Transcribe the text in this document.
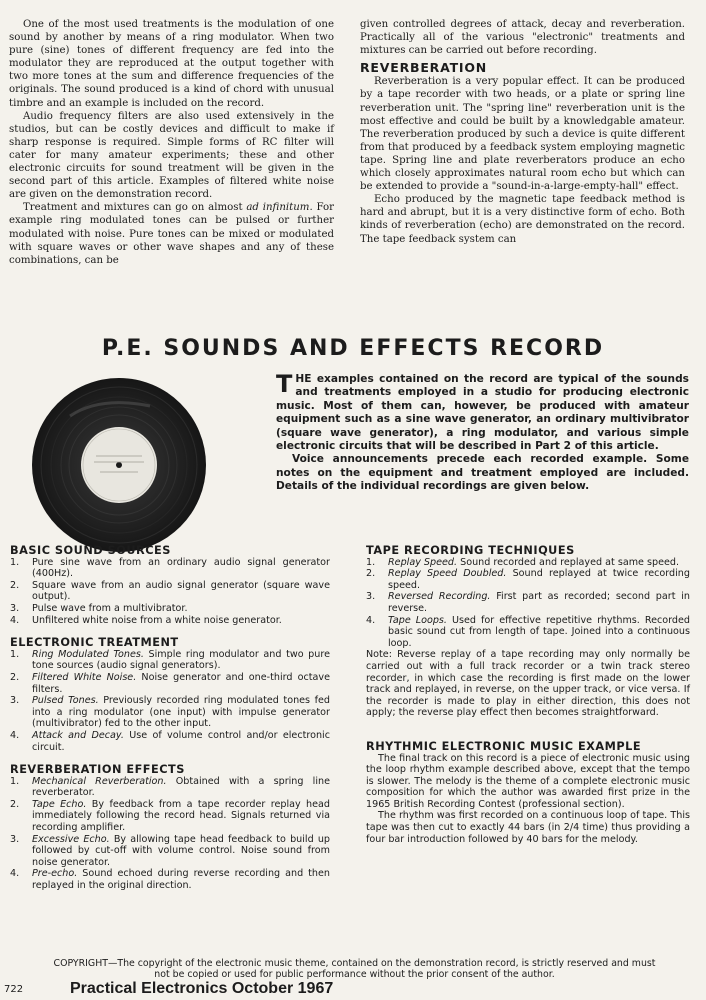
One of the most used treatments is the modulation of one sound by another by means of a ring modulator. When two pure (sine) tones of different frequency are fed into the modulator they are reproduced at the output together with two more tones at the sum and difference frequencies of the originals. The sound produced is a kind of chord with unusual timbre and an example is included on the record.

Audio frequency filters are also used extensively in the studios, but can be costly devices and difficult to make if sharp response is required. Simple forms of RC filter will cater for many amateur experiments; these and other electronic circuits for sound treatment will be given in the second part of this article. Examples of filtered white noise are given on the demonstration record.

Treatment and mixtures can go on almost ad infinitum. For example ring modulated tones can be pulsed or further modulated with noise. Pure tones can be mixed or modulated with square waves or other wave shapes and any of these combinations, can be

given controlled degrees of attack, decay and reverberation. Practically all of the various "electronic" treatments and mixtures can be carried out before recording.

REVERBERATION

Reverberation is a very popular effect. It can be produced by a tape recorder with two heads, or a plate or spring line reverberation unit. The "spring line" reverberation unit is the most effective and could be built by a knowledgable amateur. The reverberation produced by such a device is quite different from that produced by a feedback system employing magnetic tape. Spring line and plate reverberators produce an echo which closely approximates natural room echo but which can be extended to provide a "sound-in-a-large-empty-hall" effect.

Echo produced by the magnetic tape feedback method is hard and abrupt, but it is a very distinctive form of echo. Both kinds of reverberation (echo) are demonstrated on the record. The tape feedback system can

P.E. SOUNDS AND EFFECTS RECORD

THE examples contained on the record are typical of the sounds and treatments employed in a studio for producing electronic music. Most of them can, however, be produced with amateur equipment such as a sine wave generator, an ordinary multivibrator (square wave generator), a ring modulator, and various simple electronic circuits that will be described in Part 2 of this article.

Voice announcements precede each recorded example. Some notes on the equipment and treatment employed are included. Details of the individual recordings are given below.

BASIC SOUND SOURCES
1. Pure sine wave from an ordinary audio signal generator (400Hz).
2. Square wave from an audio signal generator (square wave output).
3. Pulse wave from a multivibrator.
4. Unfiltered white noise from a white noise generator.
ELECTRONIC TREATMENT
1. Ring Modulated Tones. Simple ring modulator and two pure tone sources (audio signal generators).
2. Filtered White Noise. Noise generator and one-third octave filters.
3. Pulsed Tones. Previously recorded ring modulated tones fed into a ring modulator (one input) with impulse generator (multivibrator) fed to the other input.
4. Attack and Decay. Use of volume control and/or electronic circuit.
REVERBERATION EFFECTS
1. Mechanical Reverberation. Obtained with a spring line reverberator.
2. Tape Echo. By feedback from a tape recorder replay head immediately following the record head. Signals returned via recording amplifier.
3. Excessive Echo. By allowing tape head feedback to build up followed by cut-off with volume control. Noise sound from noise generator.
4. Pre-echo. Sound echoed during reverse recording and then replayed in the original direction.
TAPE RECORDING TECHNIQUES
1. Replay Speed. Sound recorded and replayed at same speed.
2. Replay Speed Doubled. Sound replayed at twice recording speed.
3. Reversed Recording. First part as recorded; second part in reverse.
4. Tape Loops. Used for effective repetitive rhythms. Recorded basic sound cut from length of tape. Joined into a continuous loop.

Note: Reverse replay of a tape recording may only normally be carried out with a full track recorder or a twin track stereo recorder, in which case the recording is first made on the lower track and replayed, in reverse, on the upper track, or vice versa. If the recorder is made to play in either direction, this does not apply; the reverse play effect then becomes straightforward.

RHYTHMIC ELECTRONIC MUSIC EXAMPLE

The final track on this record is a piece of electronic music using the loop rhythm example described above, except that the tempo is slower. The melody is the theme of a complete electronic music composition for which the author was awarded first prize in the 1965 British Recording Contest (professional section).

The rhythm was first recorded on a continuous loop of tape. This tape was then cut to exactly 44 bars (in 2/4 time) thus providing a four bar introduction followed by 40 bars for the melody.

COPYRIGHT—The copyright of the electronic music theme, contained on the demonstration record, is strictly reserved and must not be copied or used for public performance without the prior consent of the author.
722	Practical Electronics October 1967
